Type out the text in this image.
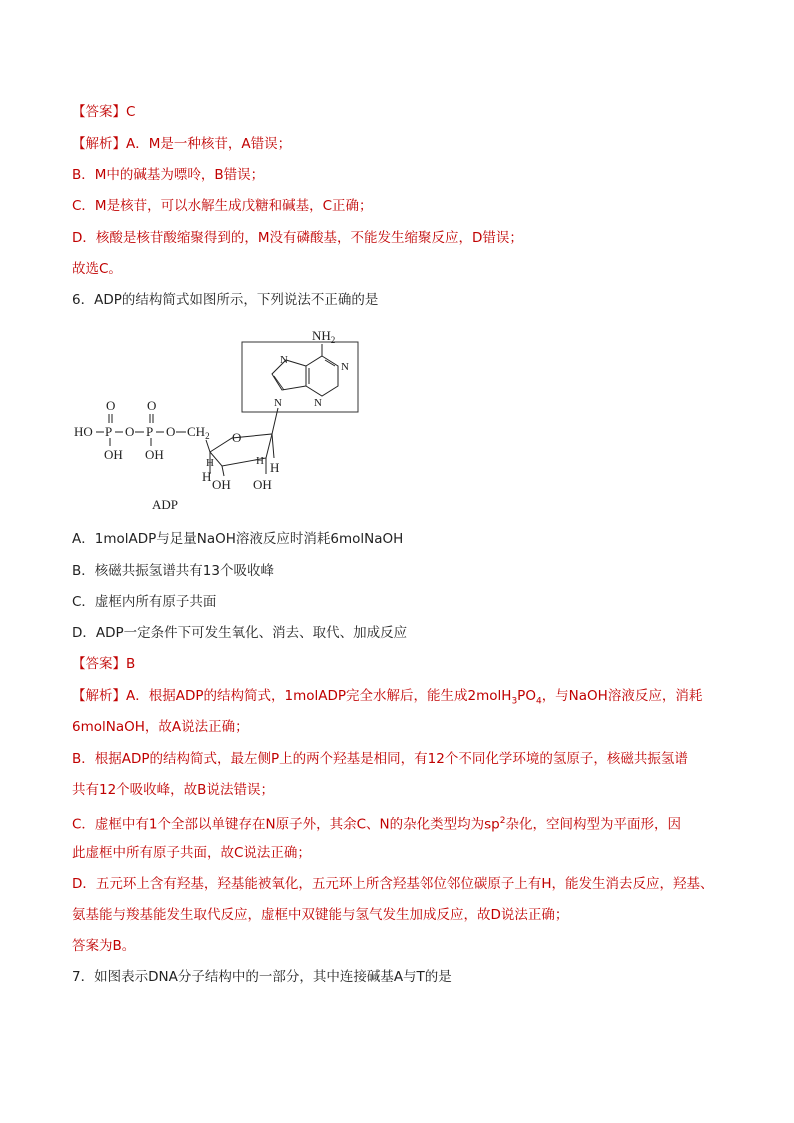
【答案】C
【解析】A．M是一种核苷，A错误；
B．M中的碱基为嘌呤，B错误；
C．M是核苷，可以水解生成戊糖和碱基，C正确；
D．核酸是核苷酸缩聚得到的，M没有磷酸基，不能发生缩聚反应，D错误；
故选C。
6．ADP的结构简式如图所示，下列说法不正确的是
$NH_2$
N
N
N
N
HO P
O
OH
O P
O
OH
O $CH_2$ O
H
H
OH OH
H H
ADP
A．1molADP与足量NaOH溶液反应时消耗6molNaOH
B．核磁共振氢谱共有13个吸收峰
C．虚框内所有原子共面
D．ADP一定条件下可发生氧化、消去、取代、加成反应
【答案】B
【解析】A．根据ADP的结构简式，1molADP完全水解后，能生成$2molH_3PO_4$，与NaOH溶液反应，消耗
6molNaOH，故A说法正确；
B．根据ADP的结构简式，最左侧P上的两个羟基是相同，有12个不同化学环境的氢原子，核磁共振氢谱
共有12个吸收峰，故B说法错误；
C．虚框中有1个全部以单键存在N原子外，其余C、N的杂化类型均为$sp^2$杂化，空间构型为平面形，因
此虚框中所有原子共面，故C说法正确；
D．五元环上含有羟基，羟基能被氧化，五元环上所含羟基邻位邻位碳原子上有H，能发生消去反应，羟基、
氨基能与羧基能发生取代反应，虚框中双键能与氢气发生加成反应，故D说法正确；
答案为B。
7．如图表示DNA分子结构中的一部分，其中连接碱基A与T的是
